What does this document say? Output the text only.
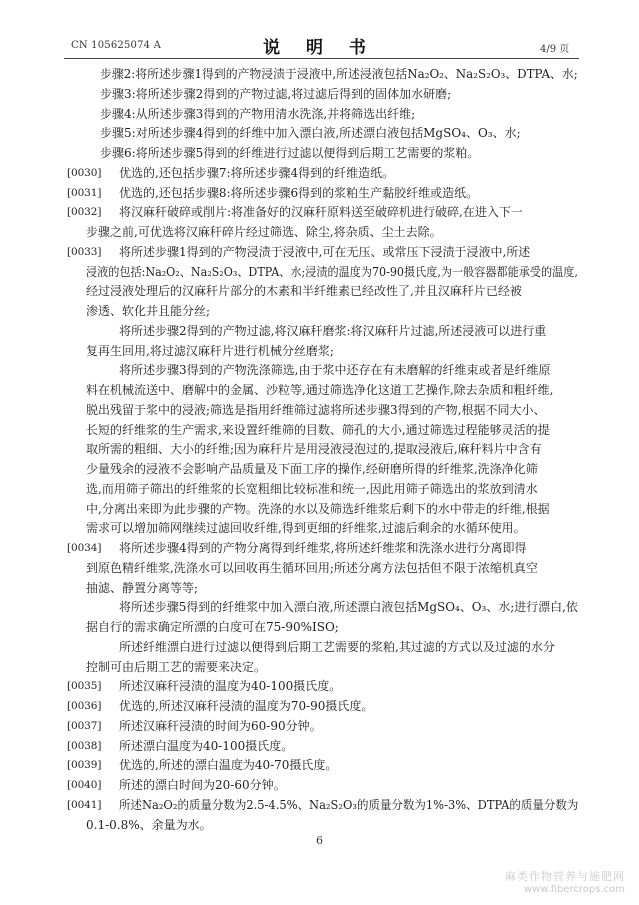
CN 105625074 A	说 明 书	4/9 页
步骤2:将所述步骤1得到的产物浸渍于浸液中,所述浸液包括Na₂O₂、Na₂S₂O₃、DTPA、水;
步骤3:将所述步骤2得到的产物过滤,将过滤后得到的固体加水研磨;
步骤4:从所述步骤3得到的产物用清水洗涤,并将筛选出纤维;
步骤5:对所述步骤4得到的纤维中加入漂白液,所述漂白液包括MgSO₄、O₃、水;
步骤6:将所述步骤5得到的纤维进行过滤以便得到后期工艺需要的浆粕。
[0030] 优选的,还包括步骤7:将所述步骤4得到的纤维造纸。
[0031] 优选的,还包括步骤8:将所述步骤6得到的浆粕生产黏胶纤维或造纸。
[0032] 将汉麻秆破碎或削片:将准备好的汉麻秆原料送至破碎机进行破碎,在进入下一
步骤之前,可优选将汉麻秆碎片经过筛选、除尘,将杂质、尘土去除。
[0033] 将所述步骤1得到的产物浸渍于浸液中,可在无压、或常压下浸渍于浸液中,所述
浸液的包括:Na₂O₂、Na₂S₂O₃、DTPA、水;浸渍的温度为70-90摄氏度,为一般容器都能承受的温度,
经过浸液处理后的汉麻秆片部分的木素和半纤维素已经改性了,并且汉麻秆片已经被
渗透、软化并且能分丝;
将所述步骤2得到的产物过滤,将汉麻秆磨浆:将汉麻秆片过滤,所述浸液可以进行重
复再生回用,将过滤汉麻秆片进行机械分丝磨浆;
将所述步骤3得到的产物洗涤筛选,由于浆中还存在有未磨解的纤维束或者是纤维原
料在机械流送中、磨解中的金属、沙粒等,通过筛选净化这道工艺操作,除去杂质和粗纤维,
脱出残留于浆中的浸液;筛选是指用纤维筛过滤将所述步骤3得到的产物,根据不同大小、
长短的纤维浆的生产需求,来设置纤维筛的目数、筛孔的大小,通过筛选过程能够灵活的提
取所需的粗细、大小的纤维;因为麻秆片是用浸液浸泡过的,提取浸液后,麻秆料片中含有
少量残余的浸液不会影响产品质量及下面工序的操作,经研磨所得的纤维浆,洗涤净化筛
选,而用筛子筛出的纤维浆的长宽粗细比较标准和统一,因此用筛子筛选出的浆放到清水
中,分离出来即为此步骤的产物。洗涤的水以及筛选纤维浆后剩下的水中带走的纤维,根据
需求可以增加筛网继续过滤回收纤维,得到更细的纤维浆,过滤后剩余的水循环使用。
[0034] 将所述步骤4得到的产物分离得到纤维浆,将所述纤维浆和洗涤水进行分离即得
到原色精纤维浆,洗涤水可以回收再生循环回用;所述分离方法包括但不限于浓缩机真空
抽滤、静置分离等等;
将所述步骤5得到的纤维浆中加入漂白液,所述漂白液包括MgSO₄、O₃、水;进行漂白,依
据自行的需求确定所漂的白度可在75-90%ISO;
所述纤维漂白进行过滤以便得到后期工艺需要的浆粕,其过滤的方式以及过滤的水分
控制可由后期工艺的需要来决定。
[0035] 所述汉麻秆浸渍的温度为40-100摄氏度。
[0036] 优选的,所述汉麻秆浸渍的温度为70-90摄氏度。
[0037] 所述汉麻秆浸渍的时间为60-90分钟。
[0038] 所述漂白温度为40-100摄氏度。
[0039] 优选的,所述的漂白温度为40-70摄氏度。
[0040] 所述的漂白时间为20-60分钟。
[0041] 所述Na₂O₂的质量分数为2.5-4.5%、Na₂S₂O₃的质量分数为1%-3%、DTPA的质量分数为
0.1-0.8%、余量为水。
6
麻类作物营养与施肥网
www.fibercrops.com
